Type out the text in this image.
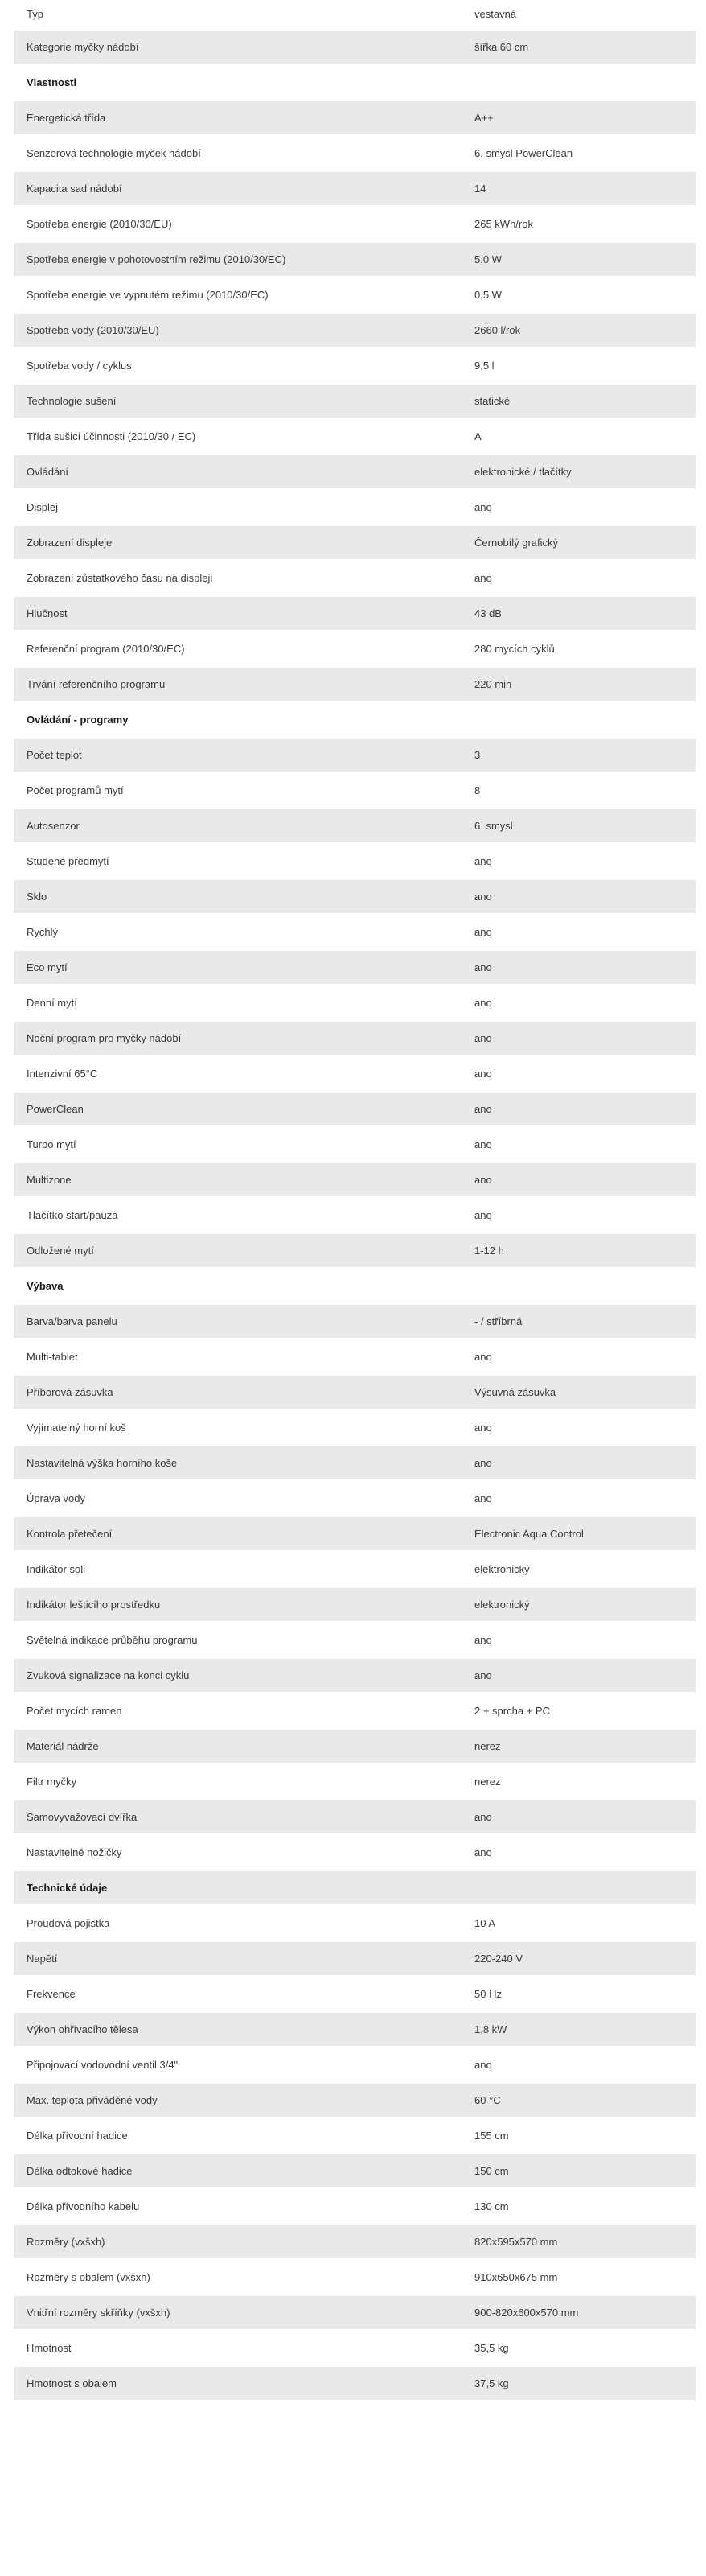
Typ	vestavná
Kategorie myčky nádobí	šířka 60 cm
Vlastnosti
Energetická třída	A++
Senzorová technologie myček nádobí	6. smysl PowerClean
Kapacita sad nádobí	14
Spotřeba energie (2010/30/EU)	265 kWh/rok
Spotřeba energie v pohotovostním režimu (2010/30/EC)	5,0 W
Spotřeba energie ve vypnutém režimu (2010/30/EC)	0,5 W
Spotřeba vody (2010/30/EU)	2660 l/rok
Spotřeba vody / cyklus	9,5 l
Technologie sušení	statické
Třída sušicí účinnosti (2010/30 / EC)	A
Ovládání	elektronické / tlačítky
Displej	ano
Zobrazení displeje	Černobílý grafický
Zobrazení zůstatkového času na displeji	ano
Hlučnost	43 dB
Referenční program (2010/30/EC)	280 mycích cyklů
Trvání referenčního programu	220 min
Ovládání - programy
Počet teplot	3
Počet programů mytí	8
Autosenzor	6. smysl
Studené předmytí	ano
Sklo	ano
Rychlý	ano
Eco mytí	ano
Denní mytí	ano
Noční program pro myčky nádobí	ano
Intenzivní 65°C	ano
PowerClean	ano
Turbo mytí	ano
Multizone	ano
Tlačítko start/pauza	ano
Odložené mytí	1-12 h
Výbava
Barva/barva panelu	- / stříbrná
Multi-tablet	ano
Příborová zásuvka	Výsuvná zásuvka
Vyjímatelný horní koš	ano
Nastavitelná výška horního koše	ano
Úprava vody	ano
Kontrola přetečení	Electronic Aqua Control
Indikátor soli	elektronický
Indikátor lešticího prostředku	elektronický
Světelná indikace průběhu programu	ano
Zvuková signalizace na konci cyklu	ano
Počet mycích ramen	2 + sprcha + PC
Materiál nádrže	nerez
Filtr myčky	nerez
Samovyvažovací dvířka	ano
Nastavitelné nožičky	ano
Technické údaje
Proudová pojistka	10 A
Napětí	220-240 V
Frekvence	50 Hz
Výkon ohřívacího tělesa	1,8 kW
Připojovací vodovodní ventil 3/4"	ano
Max. teplota přiváděné vody	60 °C
Délka přívodní hadice	155 cm
Délka odtokové hadice	150 cm
Délka přívodního kabelu	130 cm
Rozměry (vxšxh)	820x595x570 mm
Rozměry s obalem (vxšxh)	910x650x675 mm
Vnitřní rozměry skříňky (vxšxh)	900-820x600x570 mm
Hmotnost	35,5 kg
Hmotnost s obalem	37,5 kg
